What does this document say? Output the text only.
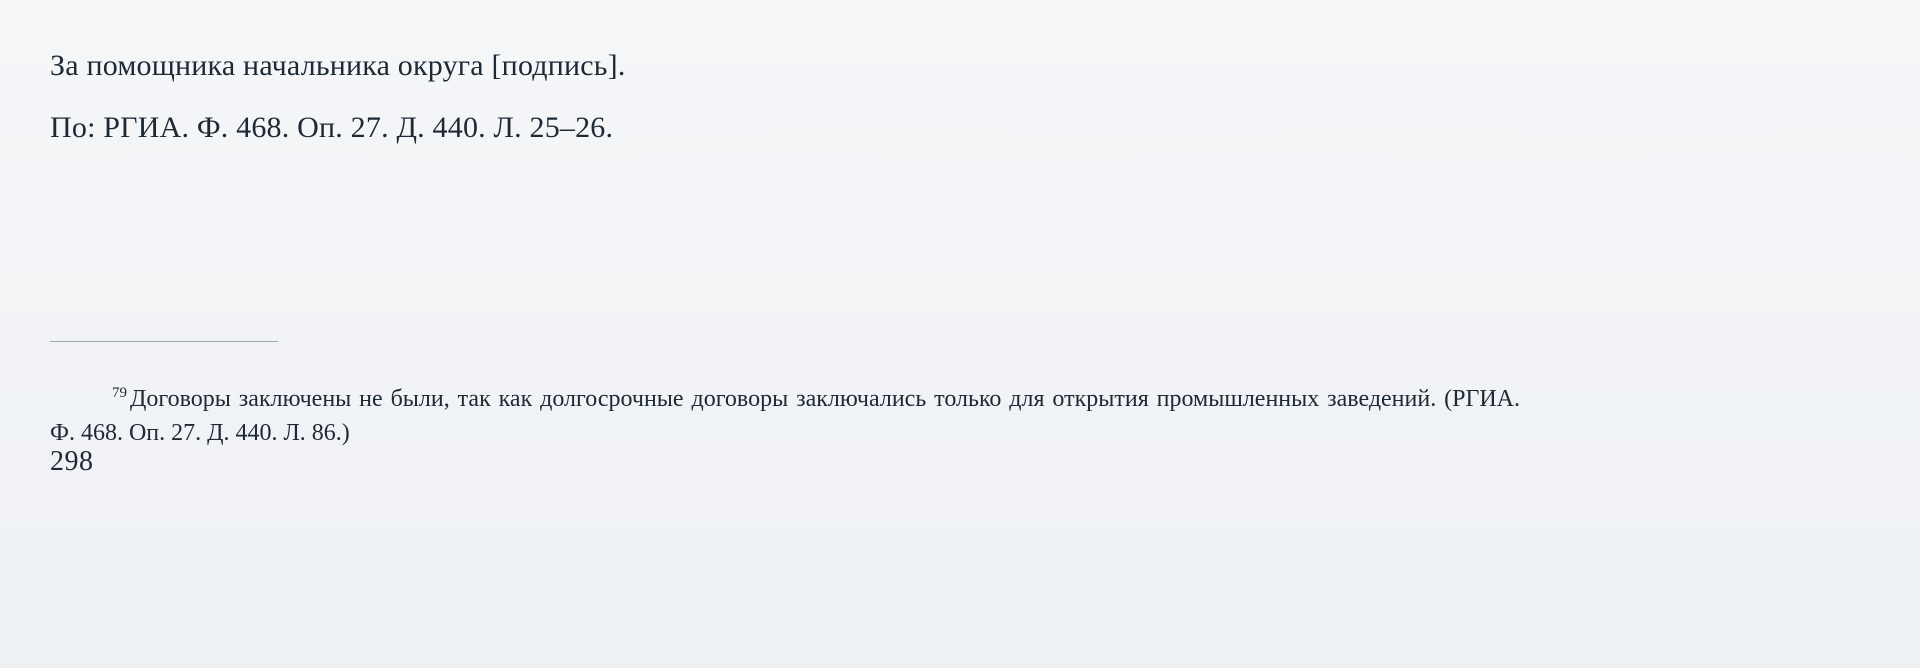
За помощника начальника округа [подпись].

По: РГИА. Ф. 468. Оп. 27. Д. 440. Л. 25–26.

$^{79}$ Договоры заключены не были, так как долгосрочные договоры заключались только для открытия промышленных заведений. (РГИА. Ф. 468. Оп. 27. Д. 440. Л. 86.)

298
